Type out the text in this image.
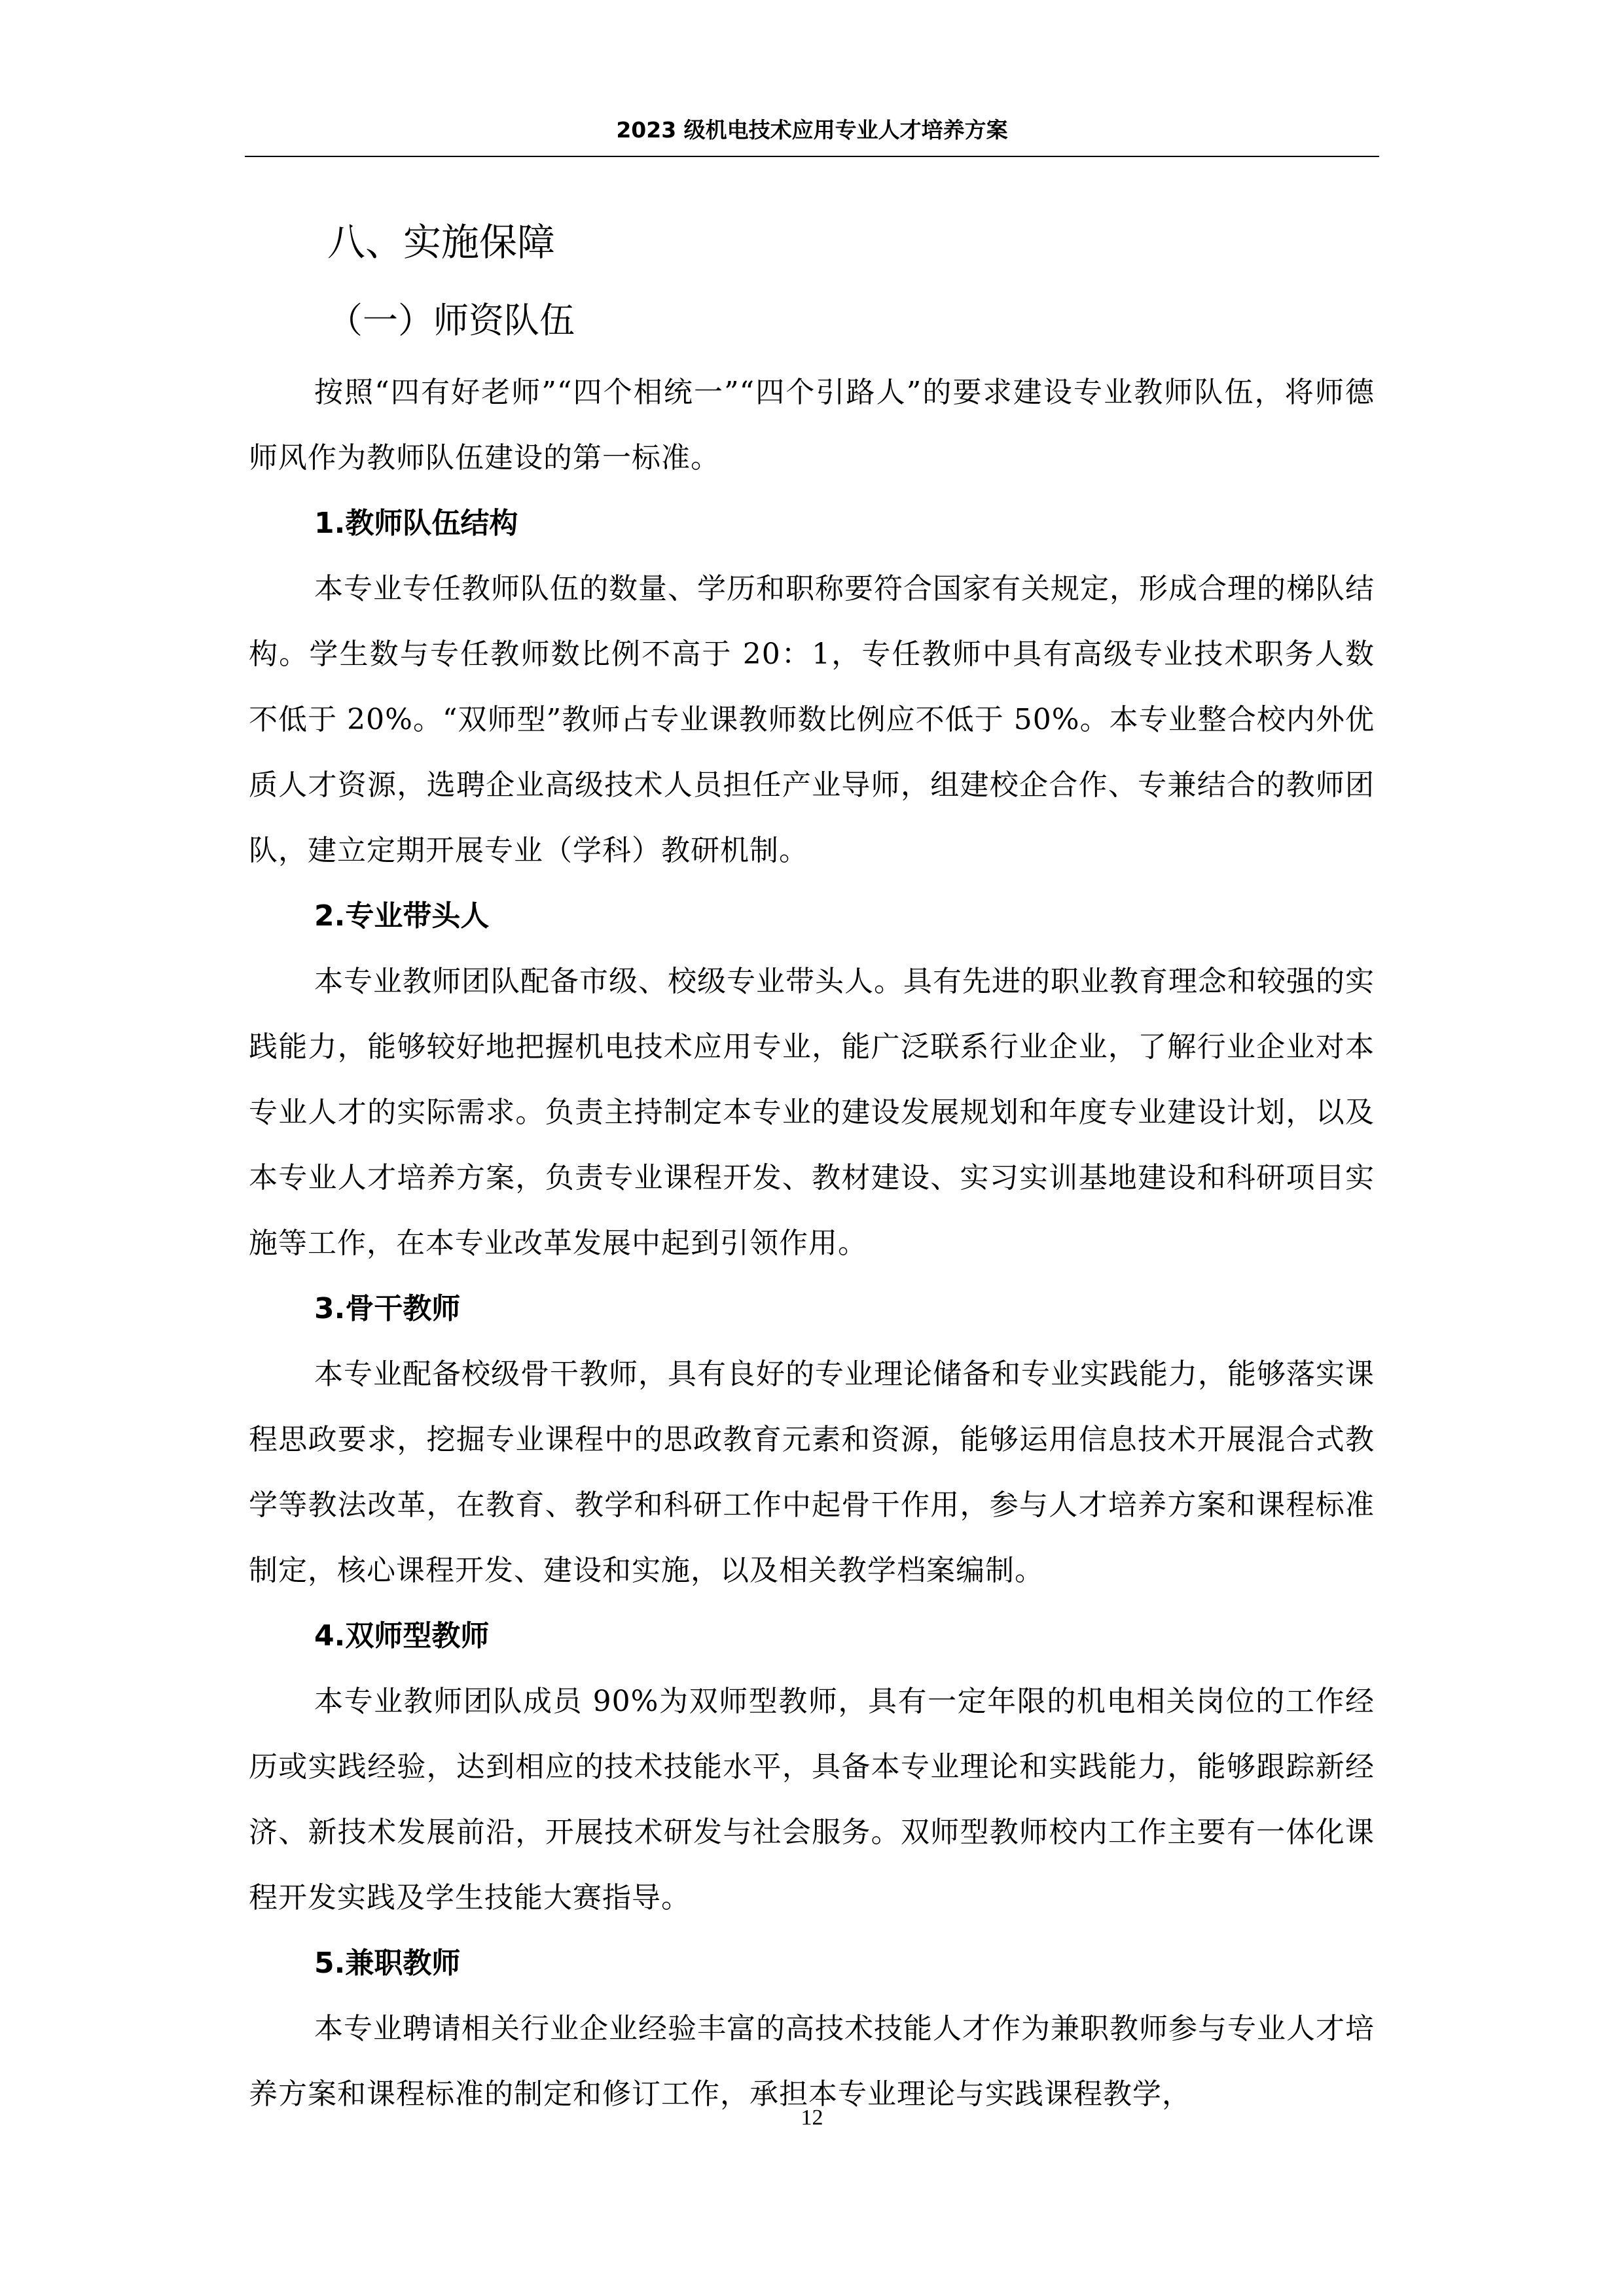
2023 级机电技术应用专业人才培养方案
八、实施保障
（一）师资队伍

按照“四有好老师”“四个相统一”“四个引路人”的要求建设专业教师队伍，将师德师风作为教师队伍建设的第一标准。

1.教师队伍结构

本专业专任教师队伍的数量、学历和职称要符合国家有关规定，形成合理的梯队结构。学生数与专任教师数比例不高于 20：1，专任教师中具有高级专业技术职务人数不低于 20%。“双师型”教师占专业课教师数比例应不低于 50%。本专业整合校内外优质人才资源，选聘企业高级技术人员担任产业导师，组建校企合作、专兼结合的教师团队，建立定期开展专业（学科）教研机制。

2.专业带头人

本专业教师团队配备市级、校级专业带头人。具有先进的职业教育理念和较强的实践能力，能够较好地把握机电技术应用专业，能广泛联系行业企业，了解行业企业对本专业人才的实际需求。负责主持制定本专业的建设发展规划和年度专业建设计划，以及本专业人才培养方案，负责专业课程开发、教材建设、实习实训基地建设和科研项目实施等工作，在本专业改革发展中起到引领作用。

3.骨干教师

本专业配备校级骨干教师，具有良好的专业理论储备和专业实践能力，能够落实课程思政要求，挖掘专业课程中的思政教育元素和资源，能够运用信息技术开展混合式教学等教法改革，在教育、教学和科研工作中起骨干作用，参与人才培养方案和课程标准制定，核心课程开发、建设和实施，以及相关教学档案编制。

4.双师型教师

本专业教师团队成员 90%为双师型教师，具有一定年限的机电相关岗位的工作经历或实践经验，达到相应的技术技能水平，具备本专业理论和实践能力，能够跟踪新经济、新技术发展前沿，开展技术研发与社会服务。双师型教师校内工作主要有一体化课程开发实践及学生技能大赛指导。

5.兼职教师

本专业聘请相关行业企业经验丰富的高技术技能人才作为兼职教师参与专业人才培养方案和课程标准的制定和修订工作，承担本专业理论与实践课程教学，

12
